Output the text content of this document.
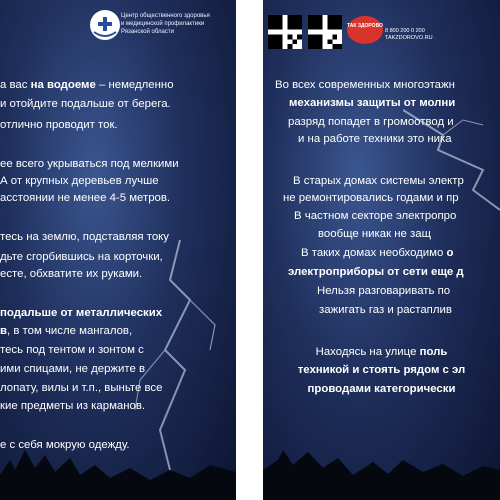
Центр общественного здоровья
и медицинской профилактики
Рязанской области
а вас на водоеме – немедленно
и отойдите подальше от берега.
отлично проводит ток.
ее всего укрываться под мелкими
А от крупных деревьев лучше
асстоянии не менее 4-5 метров.
тесь на землю, подставляя току
дьте сгорбившись на корточки,
есте, обхватите их руками.
подальше от металлических
в, в том числе мангалов,
тесь под тентом и зонтом с
ими спицами, не держите в
лопату, вилы и т.п., выньте все
кие предметы из карманов.
е с себя мокрую одежду.
ТАК ЗДОРОВО
8 800 200 0 200
TAKZDOROVO.RU
Во всех современных многоэтажн
механизмы защиты от молни
разряд попадет в громоотвод и
и на работе техники это ника
В старых домах системы электр
не ремонтировались годами и пр
В частном секторе электропро
вообще никак не защ
В таких домах необходимо о
электроприборы от сети еще д
Нельзя разговаривать по
зажигать газ и растаплив
Находясь на улице поль
техникой и стоять рядом с эл
проводами категорически
